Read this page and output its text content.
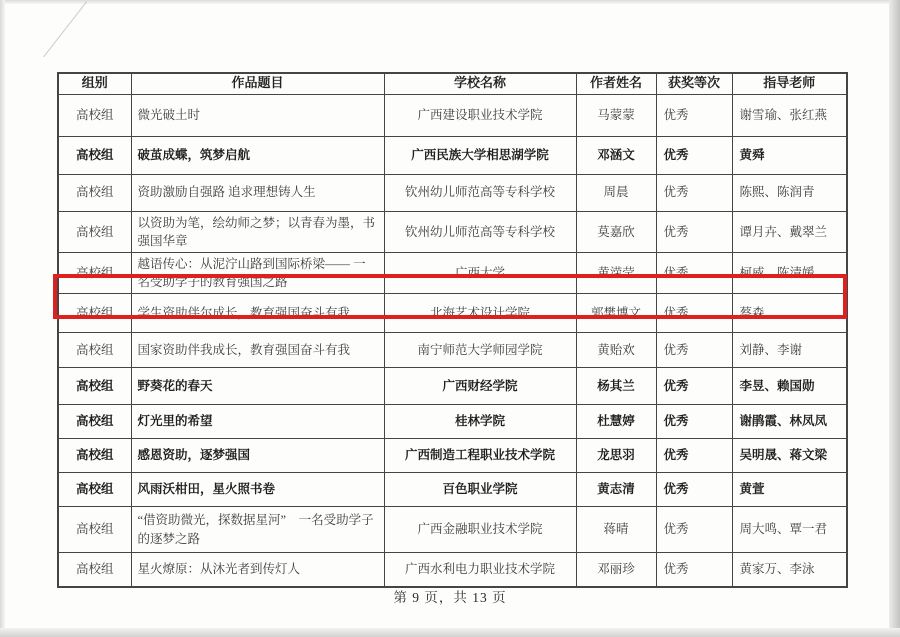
组别	作品题目	学校名称	作者姓名	获奖等次	指导老师
高校组	微光破土时	广西建设职业技术学院	马蒙蒙	优秀	谢雪瑜、张红燕
高校组	破茧成蝶，筑梦启航	广西民族大学相思湖学院	邓涵文	优秀	黄舜
高校组	资助激励自强路 追求理想铸人生	钦州幼儿师范高等专科学校	周晨	优秀	陈熙、陈润青
高校组	以资助为笔，绘幼师之梦；以青春为墨，书强国华章	钦州幼儿师范高等专科学校	莫嘉欣	优秀	谭月卉、戴翠兰
高校组	越语传心：从泥泞山路到国际桥梁—— 一名受助学子的教育强国之路	广西大学	黄溁莹	优秀	柯威、陈清媛
高校组	学生资助伴尔成长，教育强国奋斗有我	北海艺术设计学院	郭樊博文	优秀	蔡森
高校组	国家资助伴我成长，教育强国奋斗有我	南宁师范大学师园学院	黄贻欢	优秀	刘静、李谢
高校组	野葵花的春天	广西财经学院	杨其兰	优秀	李昱、赖国勋
高校组	灯光里的希望	桂林学院	杜慧婷	优秀	谢鹃霞、林凤凤
高校组	感恩资助，逐梦强国	广西制造工程职业技术学院	龙思羽	优秀	吴明晟、蒋文梁
高校组	风雨沃柑田，星火照书卷	百色职业学院	黄志清	优秀	黄萱
高校组	“借资助微光，探数据星河”　一名受助学子的逐梦之路	广西金融职业技术学院	蒋晴	优秀	周大鸣、覃一君
高校组	星火燎原：从沐光者到传灯人	广西水利电力职业技术学院	邓丽珍	优秀	黄家万、李泳
第 9 页，共 13 页
